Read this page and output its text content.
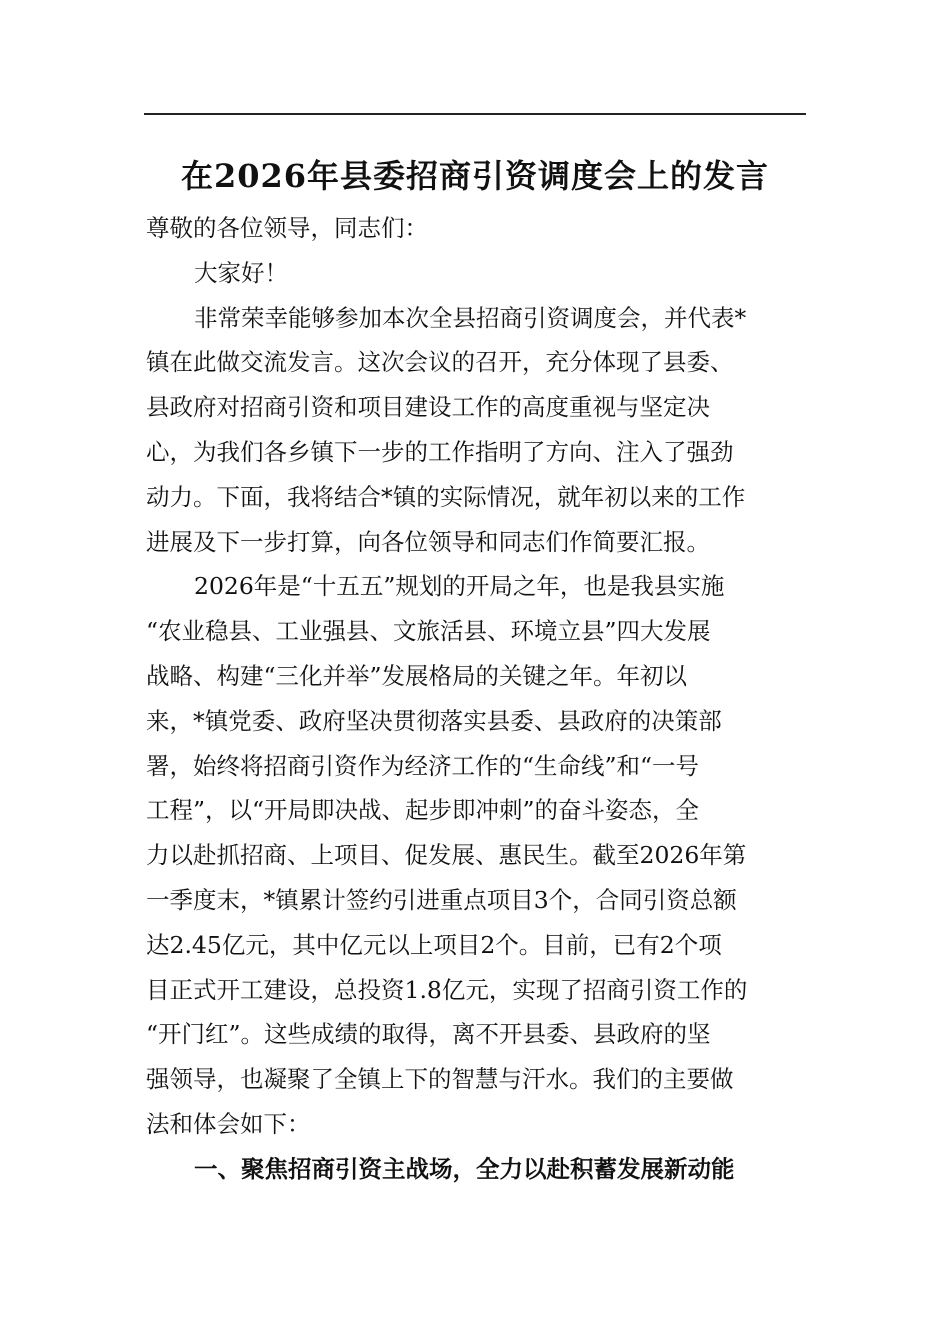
在2026年县委招商引资调度会上的发言
尊敬的各位领导，同志们：
大家好！
非常荣幸能够参加本次全县招商引资调度会，并代表*
镇在此做交流发言。这次会议的召开，充分体现了县委、
县政府对招商引资和项目建设工作的高度重视与坚定决
心，为我们各乡镇下一步的工作指明了方向、注入了强劲
动力。下面，我将结合*镇的实际情况，就年初以来的工作
进展及下一步打算，向各位领导和同志们作简要汇报。
2026年是“十五五”规划的开局之年，也是我县实施
“农业稳县、工业强县、文旅活县、环境立县”四大发展
战略、构建“三化并举”发展格局的关键之年。年初以
来，*镇党委、政府坚决贯彻落实县委、县政府的决策部
署，始终将招商引资作为经济工作的“生命线”和“一号
工程”，以“开局即决战、起步即冲刺”的奋斗姿态，全
力以赴抓招商、上项目、促发展、惠民生。截至2026年第
一季度末，*镇累计签约引进重点项目3个，合同引资总额
达2.45亿元，其中亿元以上项目2个。目前，已有2个项
目正式开工建设，总投资1.8亿元，实现了招商引资工作的
“开门红”。这些成绩的取得，离不开县委、县政府的坚
强领导，也凝聚了全镇上下的智慧与汗水。我们的主要做
法和体会如下：
一、聚焦招商引资主战场，全力以赴积蓄发展新动能
